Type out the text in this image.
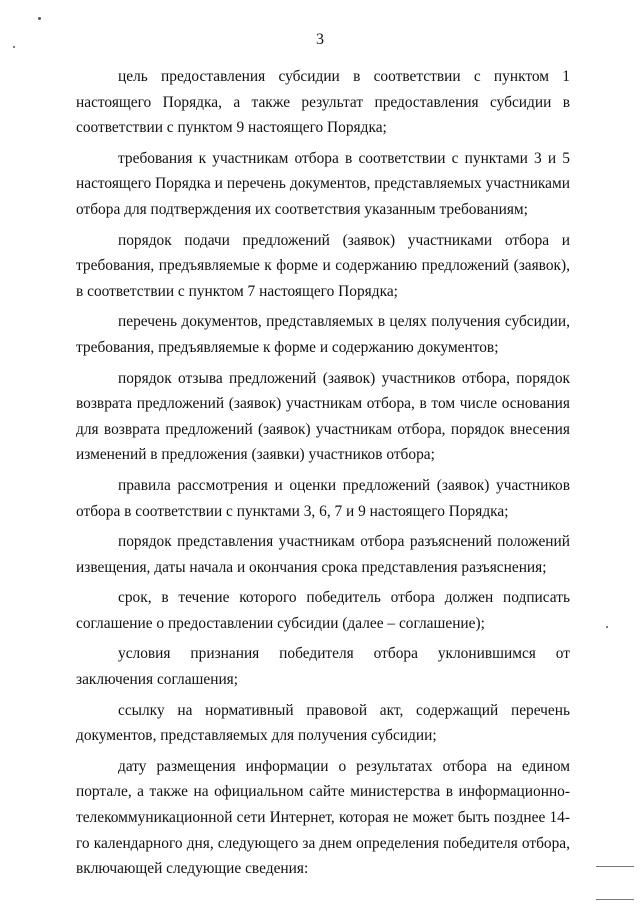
3

цель предоставления субсидии в соответствии с пунктом 1 настоящего Порядка, а также результат предоставления субсидии в соответствии с пунктом 9 настоящего Порядка;

требования к участникам отбора в соответствии с пунктами 3 и 5 настоящего Порядка и перечень документов, представляемых участниками отбора для подтверждения их соответствия указанным требованиям;

порядок подачи предложений (заявок) участниками отбора и требования, предъявляемые к форме и содержанию предложений (заявок), в соответствии с пунктом 7 настоящего Порядка;

перечень документов, представляемых в целях получения субсидии, требования, предъявляемые к форме и содержанию документов;

порядок отзыва предложений (заявок) участников отбора, порядок возврата предложений (заявок) участникам отбора, в том числе основания для возврата предложений (заявок) участникам отбора, порядок внесения изменений в предложения (заявки) участников отбора;

правила рассмотрения и оценки предложений (заявок) участников отбора в соответствии с пунктами 3, 6, 7 и 9 настоящего Порядка;

порядок представления участникам отбора разъяснений положений извещения, даты начала и окончания срока представления разъяснения;

срок, в течение которого победитель отбора должен подписать соглашение о предоставлении субсидии (далее – соглашение);

условия признания победителя отбора уклонившимся от заключения соглашения;

ссылку на нормативный правовой акт, содержащий перечень документов, представляемых для получения субсидии;

дату размещения информации о результатах отбора на едином портале, а также на официальном сайте министерства в информационно-телекоммуникационной сети Интернет, которая не может быть позднее 14-го календарного дня, следующего за днем определения победителя отбора, включающей следующие сведения:
